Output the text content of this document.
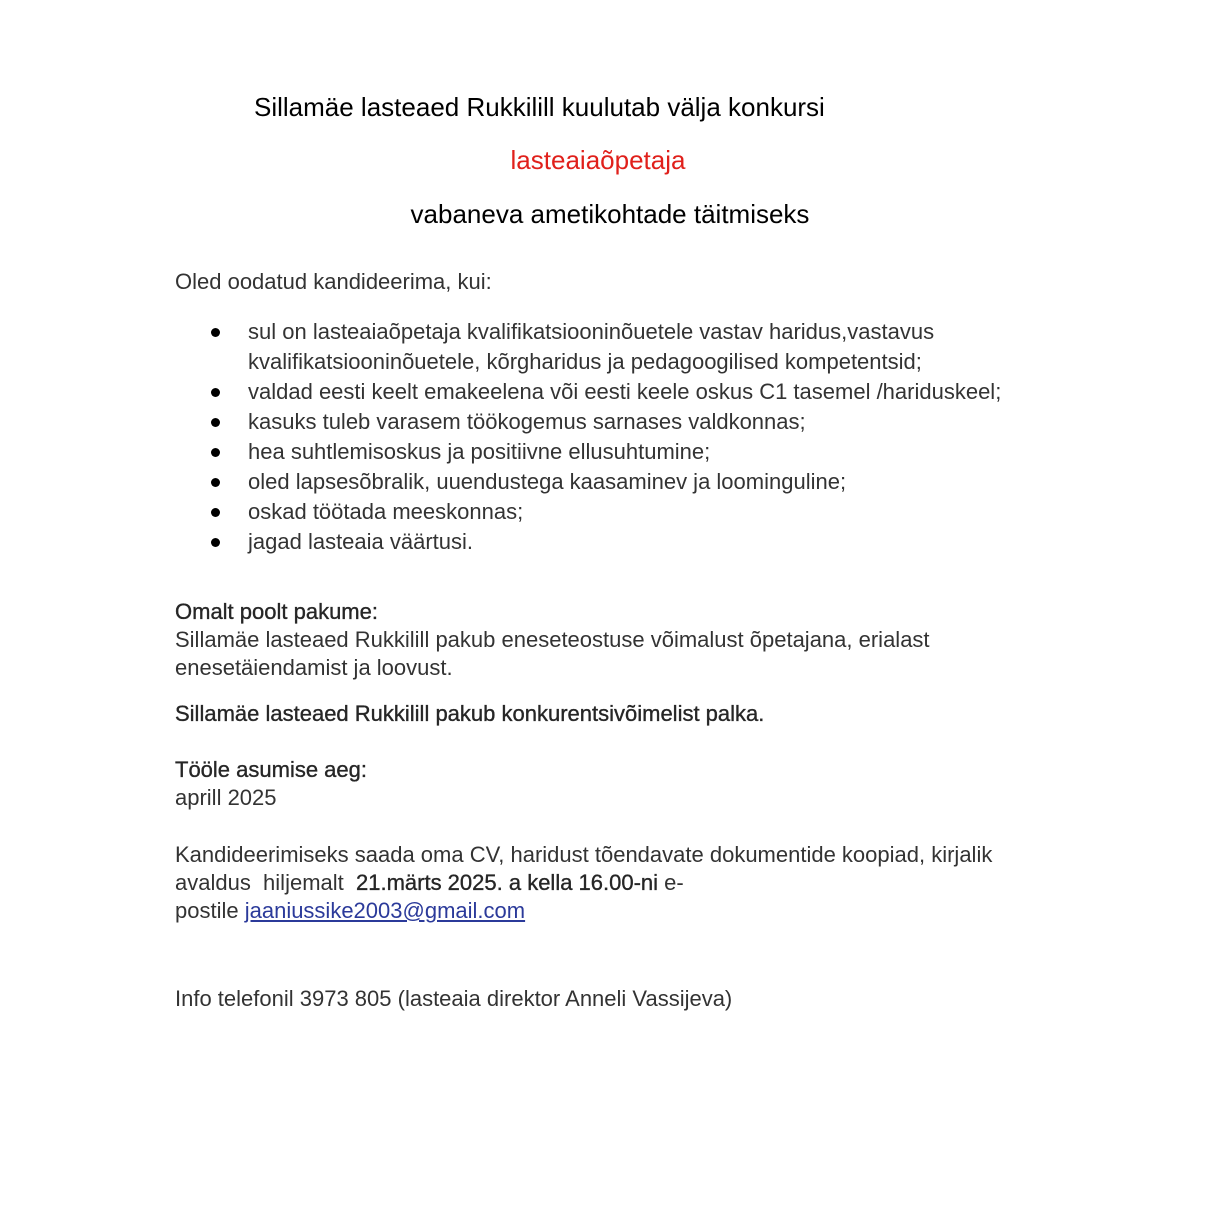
Sillamäe lasteaed Rukkilill kuulutab välja konkursi
lasteaiaõpetaja
vabaneva ametikohtade täitmiseks
Oled oodatud kandideerima, kui:
sul on lasteaiaõpetaja kvalifikatsiooninõuetele vastav haridus,vastavus
kvalifikatsiooninõuetele, kõrgharidus ja pedagoogilised kompetentsid;
valdad eesti keelt emakeelena või eesti keele oskus C1 tasemel /hariduskeel;
kasuks tuleb varasem töökogemus sarnases valdkonnas;
hea suhtlemisoskus ja positiivne ellusuhtumine;
oled lapsesõbralik, uuendustega kaasaminev ja loominguline;
oskad töötada meeskonnas;
jagad lasteaia väärtusi.
Omalt poolt pakume:
Sillamäe lasteaed Rukkilill pakub eneseteostuse võimalust õpetajana, erialast
enesetäiendamist ja loovust.
Sillamäe lasteaed Rukkilill pakub konkurentsivõimelist palka.
Tööle asumise aeg:
aprill 2025
Kandideerimiseks saada oma CV, haridust tõendavate dokumentide koopiad, kirjalik
avaldus  hiljemalt  21.märts 2025. a kella 16.00-ni e-
postile jaaniussike2003@gmail.com
Info telefonil 3973 805 (lasteaia direktor Anneli Vassijeva)
